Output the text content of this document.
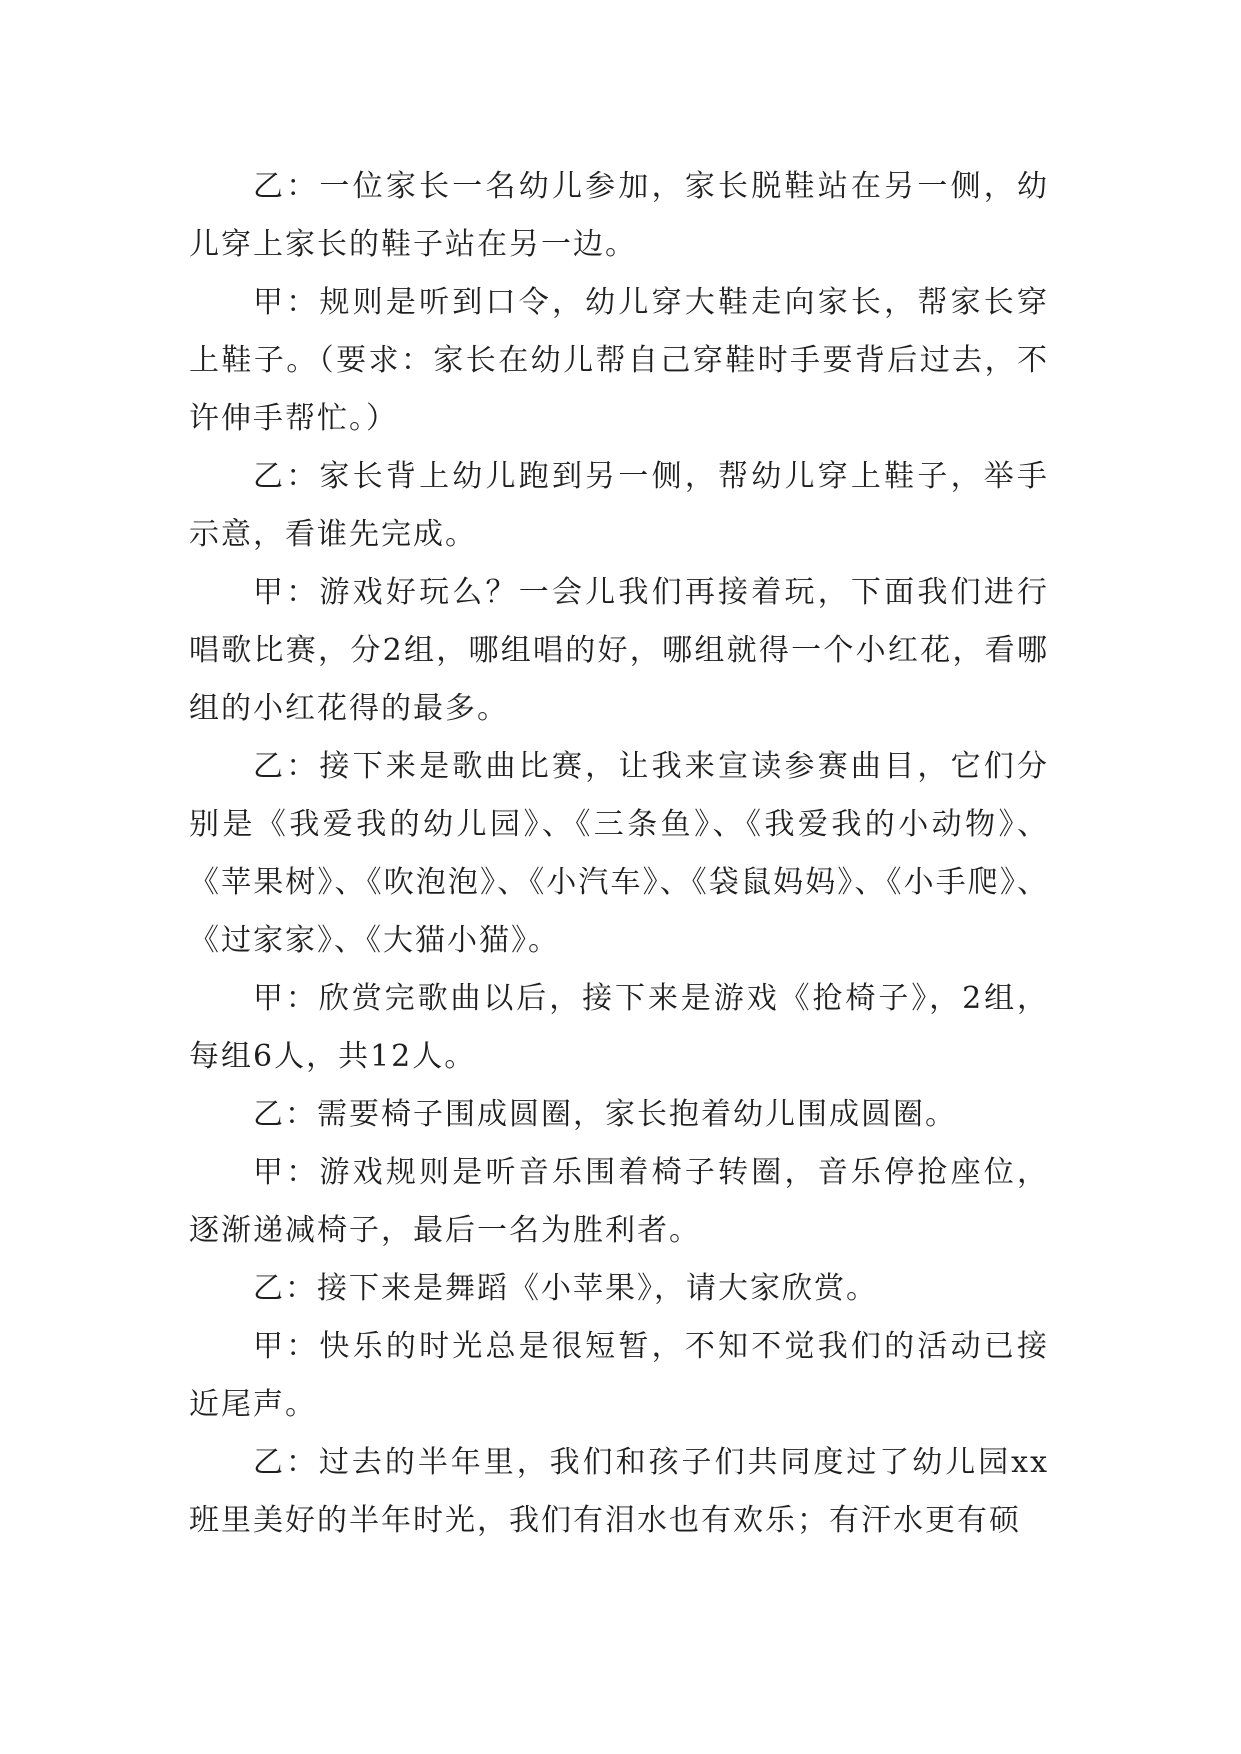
乙：一位家长一名幼儿参加，家长脱鞋站在另一侧，幼儿穿上家长的鞋子站在另一边。

甲：规则是听到口令，幼儿穿大鞋走向家长，帮家长穿上鞋子。（要求：家长在幼儿帮自己穿鞋时手要背后过去，不许伸手帮忙。）

乙：家长背上幼儿跑到另一侧，帮幼儿穿上鞋子，举手示意，看谁先完成。

甲：游戏好玩么？一会儿我们再接着玩，下面我们进行唱歌比赛，分2组，哪组唱的好，哪组就得一个小红花，看哪组的小红花得的最多。

乙：接下来是歌曲比赛，让我来宣读参赛曲目，它们分别是《我爱我的幼儿园》、《三条鱼》、《我爱我的小动物》、《苹果树》、《吹泡泡》、《小汽车》、《袋鼠妈妈》、《小手爬》、《过家家》、《大猫小猫》。

甲：欣赏完歌曲以后，接下来是游戏《抢椅子》，2组，每组6人，共12人。

乙：需要椅子围成圆圈，家长抱着幼儿围成圆圈。

甲：游戏规则是听音乐围着椅子转圈，音乐停抢座位，逐渐递减椅子，最后一名为胜利者。

乙：接下来是舞蹈《小苹果》，请大家欣赏。

甲：快乐的时光总是很短暂，不知不觉我们的活动已接近尾声。

乙：过去的半年里，我们和孩子们共同度过了幼儿园xx班里美好的半年时光，我们有泪水也有欢乐；有汗水更有硕
